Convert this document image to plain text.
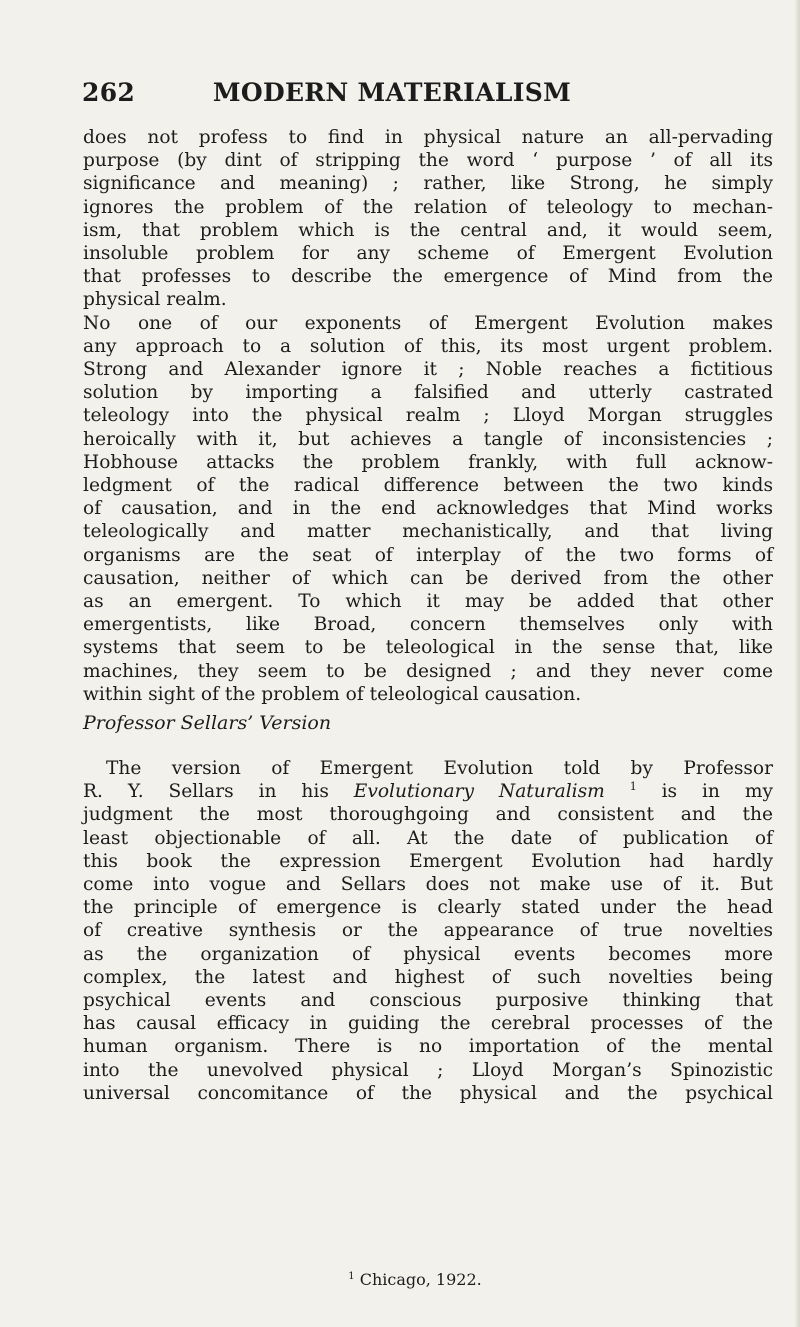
262	MODERN MATERIALISM
does not profess to find in physical nature an all-pervading
purpose (by dint of stripping the word ‘ purpose ’ of all its
significance and meaning) ; rather, like Strong, he simply
ignores the problem of the relation of teleology to mechan-
ism, that problem which is the central and, it would seem,
insoluble problem for any scheme of Emergent Evolution
that professes to describe the emergence of Mind from the
physical realm.
No one of our exponents of Emergent Evolution makes
any approach to a solution of this, its most urgent problem.
Strong and Alexander ignore it ; Noble reaches a fictitious
solution by importing a falsified and utterly castrated
teleology into the physical realm ; Lloyd Morgan struggles
heroically with it, but achieves a tangle of inconsistencies ;
Hobhouse attacks the problem frankly, with full acknow-
ledgment of the radical difference between the two kinds
of causation, and in the end acknowledges that Mind works
teleologically and matter mechanistically, and that living
organisms are the seat of interplay of the two forms of
causation, neither of which can be derived from the other
as an emergent. To which it may be added that other
emergentists, like Broad, concern themselves only with
systems that seem to be teleological in the sense that, like
machines, they seem to be designed ; and they never come
within sight of the problem of teleological causation.
Professor Sellars’ Version
The version of Emergent Evolution told by Professor
R. Y. Sellars in his Evolutionary Naturalism $^1$ is in my
judgment the most thoroughgoing and consistent and the
least objectionable of all. At the date of publication of
this book the expression Emergent Evolution had hardly
come into vogue and Sellars does not make use of it. But
the principle of emergence is clearly stated under the head
of creative synthesis or the appearance of true novelties
as the organization of physical events becomes more
complex, the latest and highest of such novelties being
psychical events and conscious purposive thinking that
has causal efficacy in guiding the cerebral processes of the
human organism. There is no importation of the mental
into the unevolved physical ; Lloyd Morgan’s Spinozistic
universal concomitance of the physical and the psychical
$^1$ Chicago, 1922.
